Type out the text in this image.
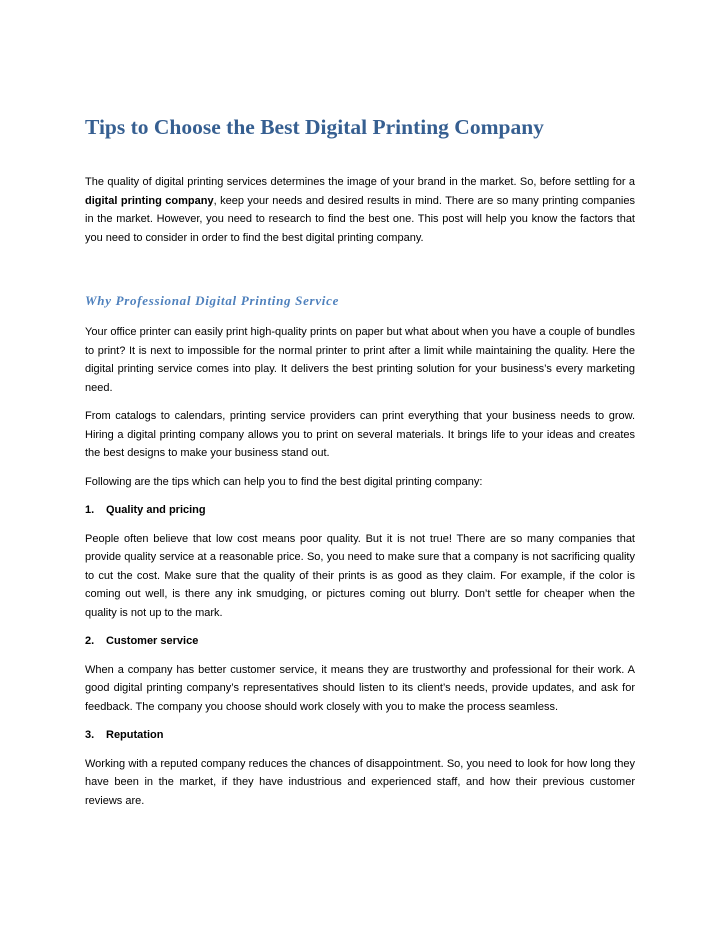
Tips to Choose the Best Digital Printing Company

The quality of digital printing services determines the image of your brand in the market. So, before settling for a digital printing company, keep your needs and desired results in mind. There are so many printing companies in the market. However, you need to research to find the best one. This post will help you know the factors that you need to consider in order to find the best digital printing company.

Why Professional Digital Printing Service

Your office printer can easily print high-quality prints on paper but what about when you have a couple of bundles to print? It is next to impossible for the normal printer to print after a limit while maintaining the quality. Here the digital printing service comes into play. It delivers the best printing solution for your business’s every marketing need.

From catalogs to calendars, printing service providers can print everything that your business needs to grow. Hiring a digital printing company allows you to print on several materials. It brings life to your ideas and creates the best designs to make your business stand out.

Following are the tips which can help you to find the best digital printing company:

1. Quality and pricing

People often believe that low cost means poor quality. But it is not true! There are so many companies that provide quality service at a reasonable price. So, you need to make sure that a company is not sacrificing quality to cut the cost. Make sure that the quality of their prints is as good as they claim. For example, if the color is coming out well, is there any ink smudging, or pictures coming out blurry. Don’t settle for cheaper when the quality is not up to the mark.

2. Customer service

When a company has better customer service, it means they are trustworthy and professional for their work. A good digital printing company’s representatives should listen to its client’s needs, provide updates, and ask for feedback. The company you choose should work closely with you to make the process seamless.

3. Reputation

Working with a reputed company reduces the chances of disappointment. So, you need to look for how long they have been in the market, if they have industrious and experienced staff, and how their previous customer reviews are.
